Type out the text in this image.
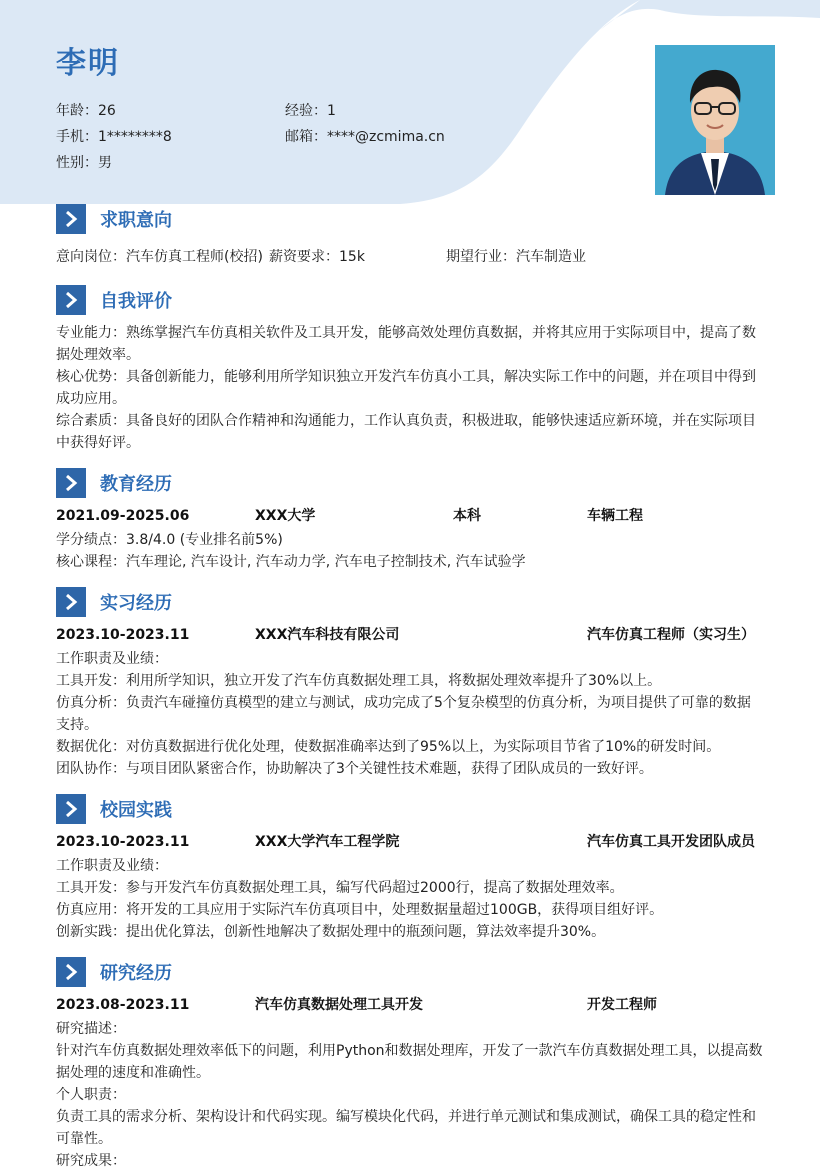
李明
年龄：26	经验：1
手机：1********8	邮箱：****@zcmima.cn
性别：男
求职意向
意向岗位：汽车仿真工程师(校招) 薪资要求：15k	期望行业：汽车制造业
自我评价
专业能力：熟练掌握汽车仿真相关软件及工具开发，能够高效处理仿真数据，并将其应用于实际项目中，提高了数
据处理效率。
核心优势：具备创新能力，能够利用所学知识独立开发汽车仿真小工具，解决实际工作中的问题，并在项目中得到
成功应用。
综合素质：具备良好的团队合作精神和沟通能力，工作认真负责，积极进取，能够快速适应新环境，并在实际项目
中获得好评。
教育经历
2021.09-2025.06	XXX大学	本科	车辆工程
学分绩点：3.8/4.0 (专业排名前5%)
核心课程：汽车理论, 汽车设计, 汽车动力学, 汽车电子控制技术, 汽车试验学
实习经历
2023.10-2023.11	XXX汽车科技有限公司	汽车仿真工程师（实习生）
工作职责及业绩：
工具开发：利用所学知识，独立开发了汽车仿真数据处理工具，将数据处理效率提升了30%以上。
仿真分析：负责汽车碰撞仿真模型的建立与测试，成功完成了5个复杂模型的仿真分析，为项目提供了可靠的数据
支持。
数据优化：对仿真数据进行优化处理，使数据准确率达到了95%以上，为实际项目节省了10%的研发时间。
团队协作：与项目团队紧密合作，协助解决了3个关键性技术难题，获得了团队成员的一致好评。
校园实践
2023.10-2023.11	XXX大学汽车工程学院	汽车仿真工具开发团队成员
工作职责及业绩：
工具开发：参与开发汽车仿真数据处理工具，编写代码超过2000行，提高了数据处理效率。
仿真应用：将开发的工具应用于实际汽车仿真项目中，处理数据量超过100GB，获得项目组好评。
创新实践：提出优化算法，创新性地解决了数据处理中的瓶颈问题，算法效率提升30%。
研究经历
2023.08-2023.11	汽车仿真数据处理工具开发	开发工程师
研究描述：
针对汽车仿真数据处理效率低下的问题，利用Python和数据处理库，开发了一款汽车仿真数据处理工具，以提高数
据处理的速度和准确性。
个人职责：
负责工具的需求分析、架构设计和代码实现。编写模块化代码，并进行单元测试和集成测试，确保工具的稳定性和
可靠性。
研究成果：
